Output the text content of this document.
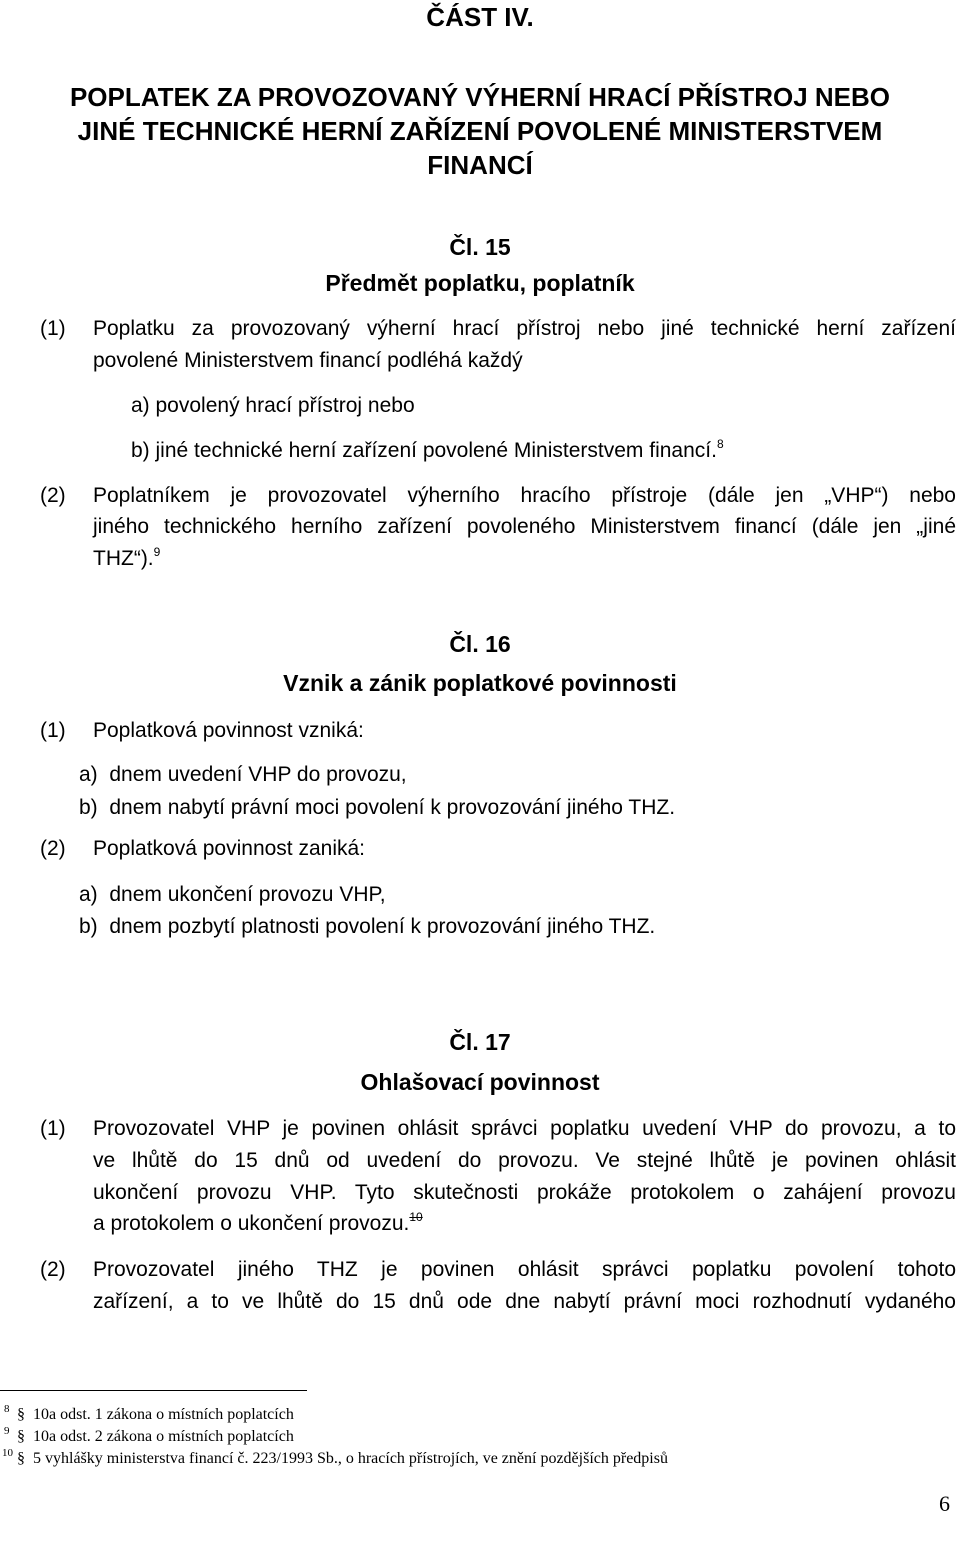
ČÁST IV.
POPLATEK ZA PROVOZOVANÝ VÝHERNÍ HRACÍ PŘÍSTROJ NEBO
JINÉ TECHNICKÉ HERNÍ ZAŘÍZENÍ POVOLENÉ MINISTERSTVEM
FINANCÍ
Čl. 15
Předmět poplatku, poplatník
(1) Poplatku za provozovaný výherní hrací přístroj nebo jiné technické herní zařízení
povolené Ministerstvem financí podléhá každý
a) povolený hrací přístroj nebo
b) jiné technické herní zařízení povolené Ministerstvem financí.$^8$
(2) Poplatníkem je provozovatel výherního hracího přístroje (dále jen „VHP“) nebo
jiného technického herního zařízení povoleného Ministerstvem financí (dále jen „jiné
THZ“).$^9$
Čl. 16
Vznik a zánik poplatkové povinnosti
(1) Poplatková povinnost vzniká:
a)  dnem uvedení VHP do provozu,
b)  dnem nabytí právní moci povolení k provozování jiného THZ.
(2) Poplatková povinnost zaniká:
a)  dnem ukončení provozu VHP,
b)  dnem pozbytí platnosti povolení k provozování jiného THZ.
Čl. 17
Ohlašovací povinnost
(1) Provozovatel VHP je povinen ohlásit správci poplatku uvedení VHP do provozu, a to
ve lhůtě do 15 dnů od uvedení do provozu. Ve stejné lhůtě je povinen ohlásit
ukončení provozu VHP. Tyto skutečnosti prokáže protokolem o zahájení provozu
a protokolem o ukončení provozu.$^{10}$
(2) Provozovatel jiného THZ je povinen ohlásit správci poplatku povolení tohoto
zařízení, a to ve lhůtě do 15 dnů ode dne nabytí právní moci rozhodnutí vydaného
8 § 10a odst. 1 zákona o místních poplatcích
9 § 10a odst. 2 zákona o místních poplatcích
10 § 5 vyhlášky ministerstva financí č. 223/1993 Sb., o hracích přístrojích, ve znění pozdějších předpisů
6
